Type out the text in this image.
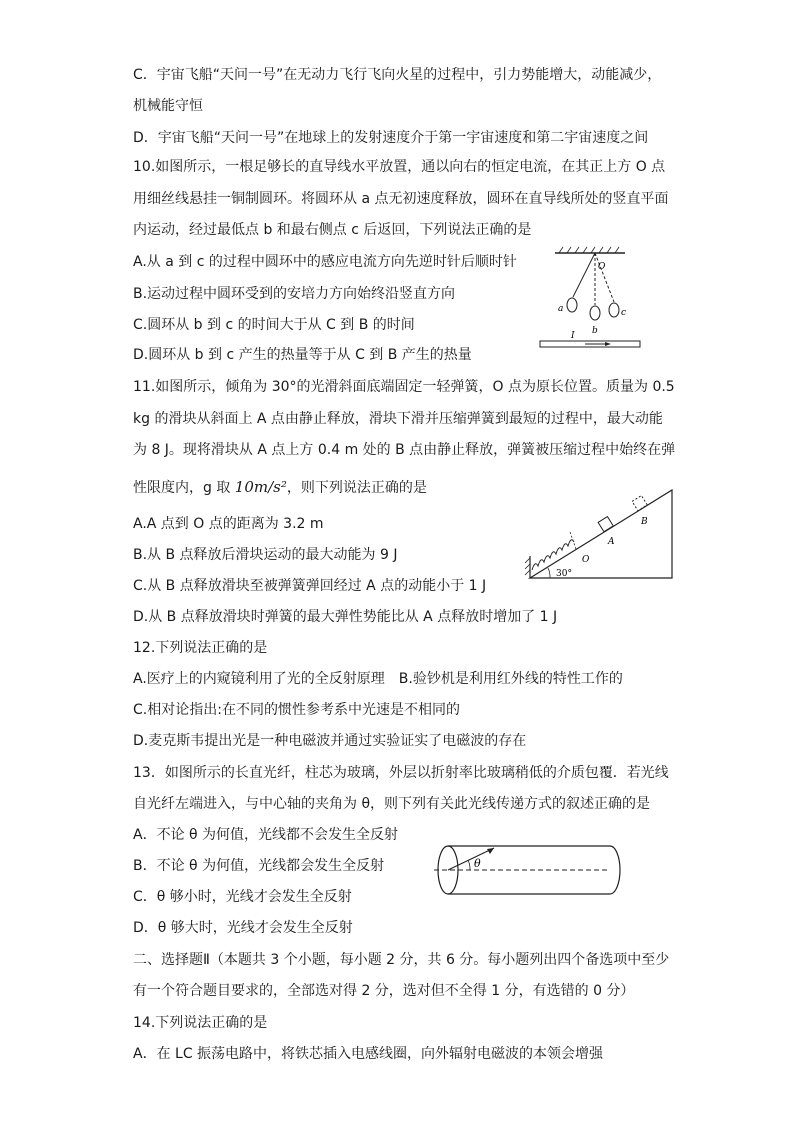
C．宇宙飞船“天问一号”在无动力飞行飞向火星的过程中，引力势能增大，动能减少，
机械能守恒
D．宇宙飞船“天问一号”在地球上的发射速度介于第一宇宙速度和第二宇宙速度之间
10.如图所示，一根足够长的直导线水平放置，通以向右的恒定电流，在其正上方 O 点
用细丝线悬挂一铜制圆环。将圆环从 a 点无初速度释放，圆环在直导线所处的竖直平面
内运动，经过最低点 b 和最右侧点 c 后返回，下列说法正确的是
A.从 a 到 c 的过程中圆环中的感应电流方向先逆时针后顺时针
B.运动过程中圆环受到的安培力方向始终沿竖直方向
C.圆环从 b 到 c 的时间大于从 C 到 B 的时间
D.圆环从 b 到 c 产生的热量等于从 C 到 B 产生的热量
O
a
b
c
I
11.如图所示，倾角为 30°的光滑斜面底端固定一轻弹簧，O 点为原长位置。质量为 0.5
kg 的滑块从斜面上 A 点由静止释放，滑块下滑并压缩弹簧到最短的过程中，最大动能
为 8 J。现将滑块从 A 点上方 0.4 m 处的 B 点由静止释放，弹簧被压缩过程中始终在弹
性限度内，g 取 10m/s²，则下列说法正确的是
A.A 点到 O 点的距离为 3.2 m
B.从 B 点释放后滑块运动的最大动能为 9 J
C.从 B 点释放滑块至被弹簧弹回经过 A 点的动能小于 1 J
D.从 B 点释放滑块时弹簧的最大弹性势能比从 A 点释放时增加了 1 J
30°
O
A
B
12.下列说法正确的是
A.医疗上的内窥镜利用了光的全反射原理　B.验钞机是利用红外线的特性工作的
C.相对论指出:在不同的惯性参考系中光速是不相同的
D.麦克斯韦提出光是一种电磁波并通过实验证实了电磁波的存在
13．如图所示的长直光纤，柱芯为玻璃，外层以折射率比玻璃稍低的介质包覆．若光线
自光纤左端进入，与中心轴的夹角为 θ，则下列有关此光线传递方式的叙述正确的是
A．不论 θ 为何值，光线都不会发生全反射
B．不论 θ 为何值，光线都会发生全反射
C．θ 够小时，光线才会发生全反射
D．θ 够大时，光线才会发生全反射
θ
二、选择题Ⅱ（本题共 3 个小题，每小题 2 分，共 6 分。每小题列出四个备选项中至少
有一个符合题目要求的，全部选对得 2 分，选对但不全得 1 分，有选错的 0 分）
14.下列说法正确的是
A．在 LC 振荡电路中，将铁芯插入电感线圈，向外辐射电磁波的本领会增强
